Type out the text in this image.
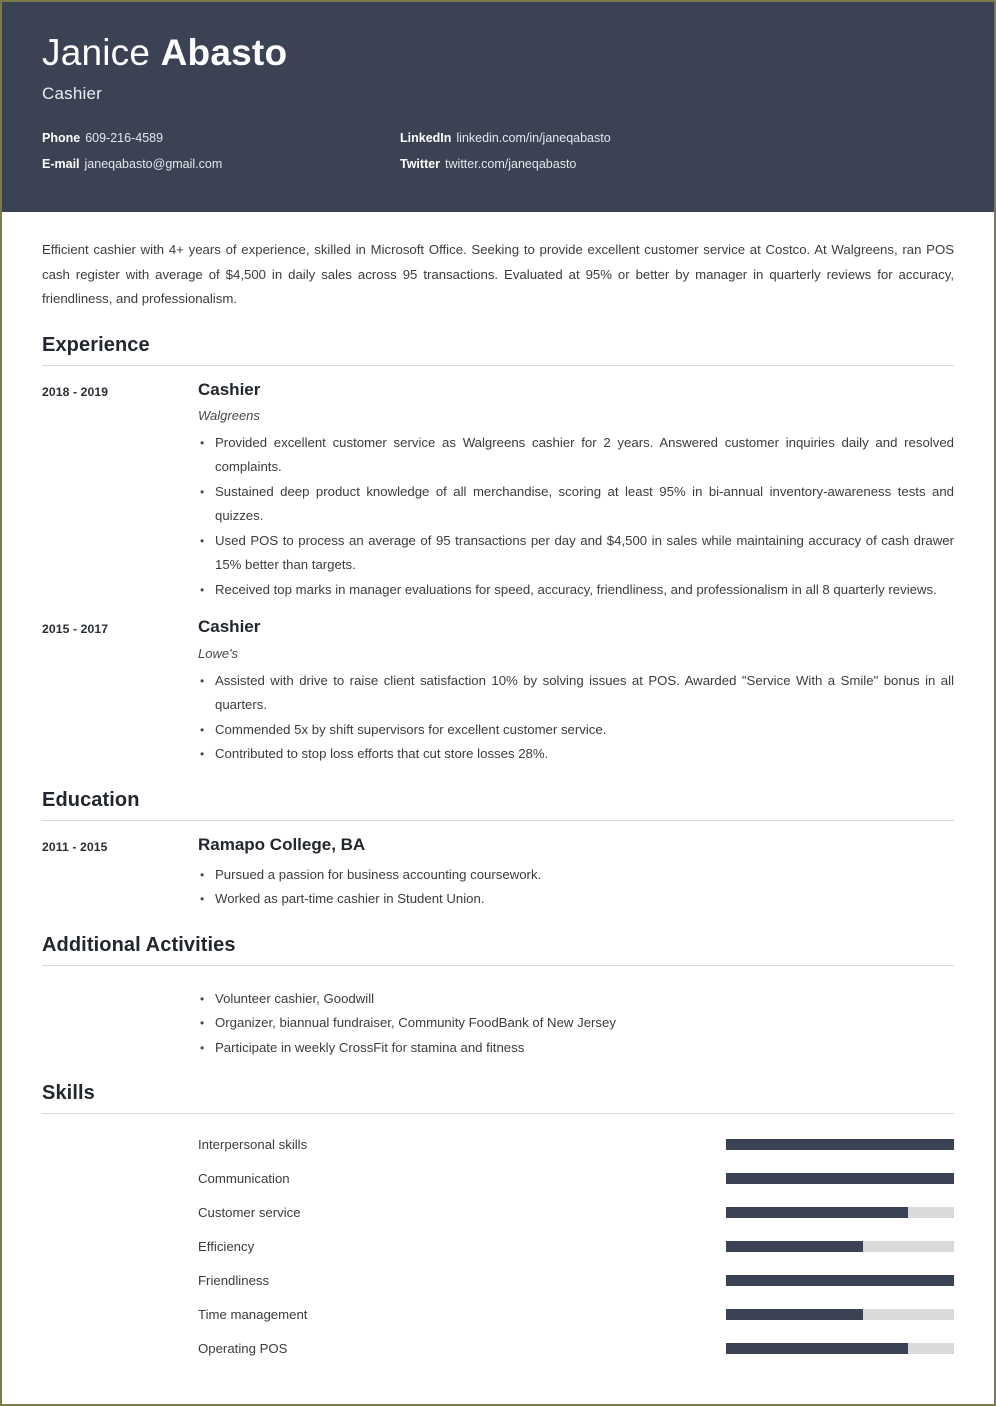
Janice Abasto
Cashier
Phone 609-216-4589	LinkedIn linkedin.com/in/janeqabasto
E-mail janeqabasto@gmail.com	Twitter twitter.com/janeqabasto

Efficient cashier with 4+ years of experience, skilled in Microsoft Office. Seeking to provide excellent customer service at Costco. At Walgreens, ran POS cash register with average of $4,500 in daily sales across 95 transactions. Evaluated at 95% or better by manager in quarterly reviews for accuracy, friendliness, and professionalism.

Experience
2018 - 2019	Cashier
Walgreens
• Provided excellent customer service as Walgreens cashier for 2 years. Answered customer inquiries daily and resolved complaints.
• Sustained deep product knowledge of all merchandise, scoring at least 95% in bi-annual inventory-awareness tests and quizzes.
• Used POS to process an average of 95 transactions per day and $4,500 in sales while maintaining accuracy of cash drawer 15% better than targets.
• Received top marks in manager evaluations for speed, accuracy, friendliness, and professionalism in all 8 quarterly reviews.
2015 - 2017	Cashier
Lowe's
• Assisted with drive to raise client satisfaction 10% by solving issues at POS. Awarded "Service With a Smile" bonus in all quarters.
• Commended 5x by shift supervisors for excellent customer service.
• Contributed to stop loss efforts that cut store losses 28%.
Education
2011 - 2015	Ramapo College, BA
• Pursued a passion for business accounting coursework.
• Worked as part-time cashier in Student Union.
Additional Activities
• Volunteer cashier, Goodwill
• Organizer, biannual fundraiser, Community FoodBank of New Jersey
• Participate in weekly CrossFit for stamina and fitness
Skills
Interpersonal skills
Communication
Customer service
Efficiency
Friendliness
Time management
Operating POS
